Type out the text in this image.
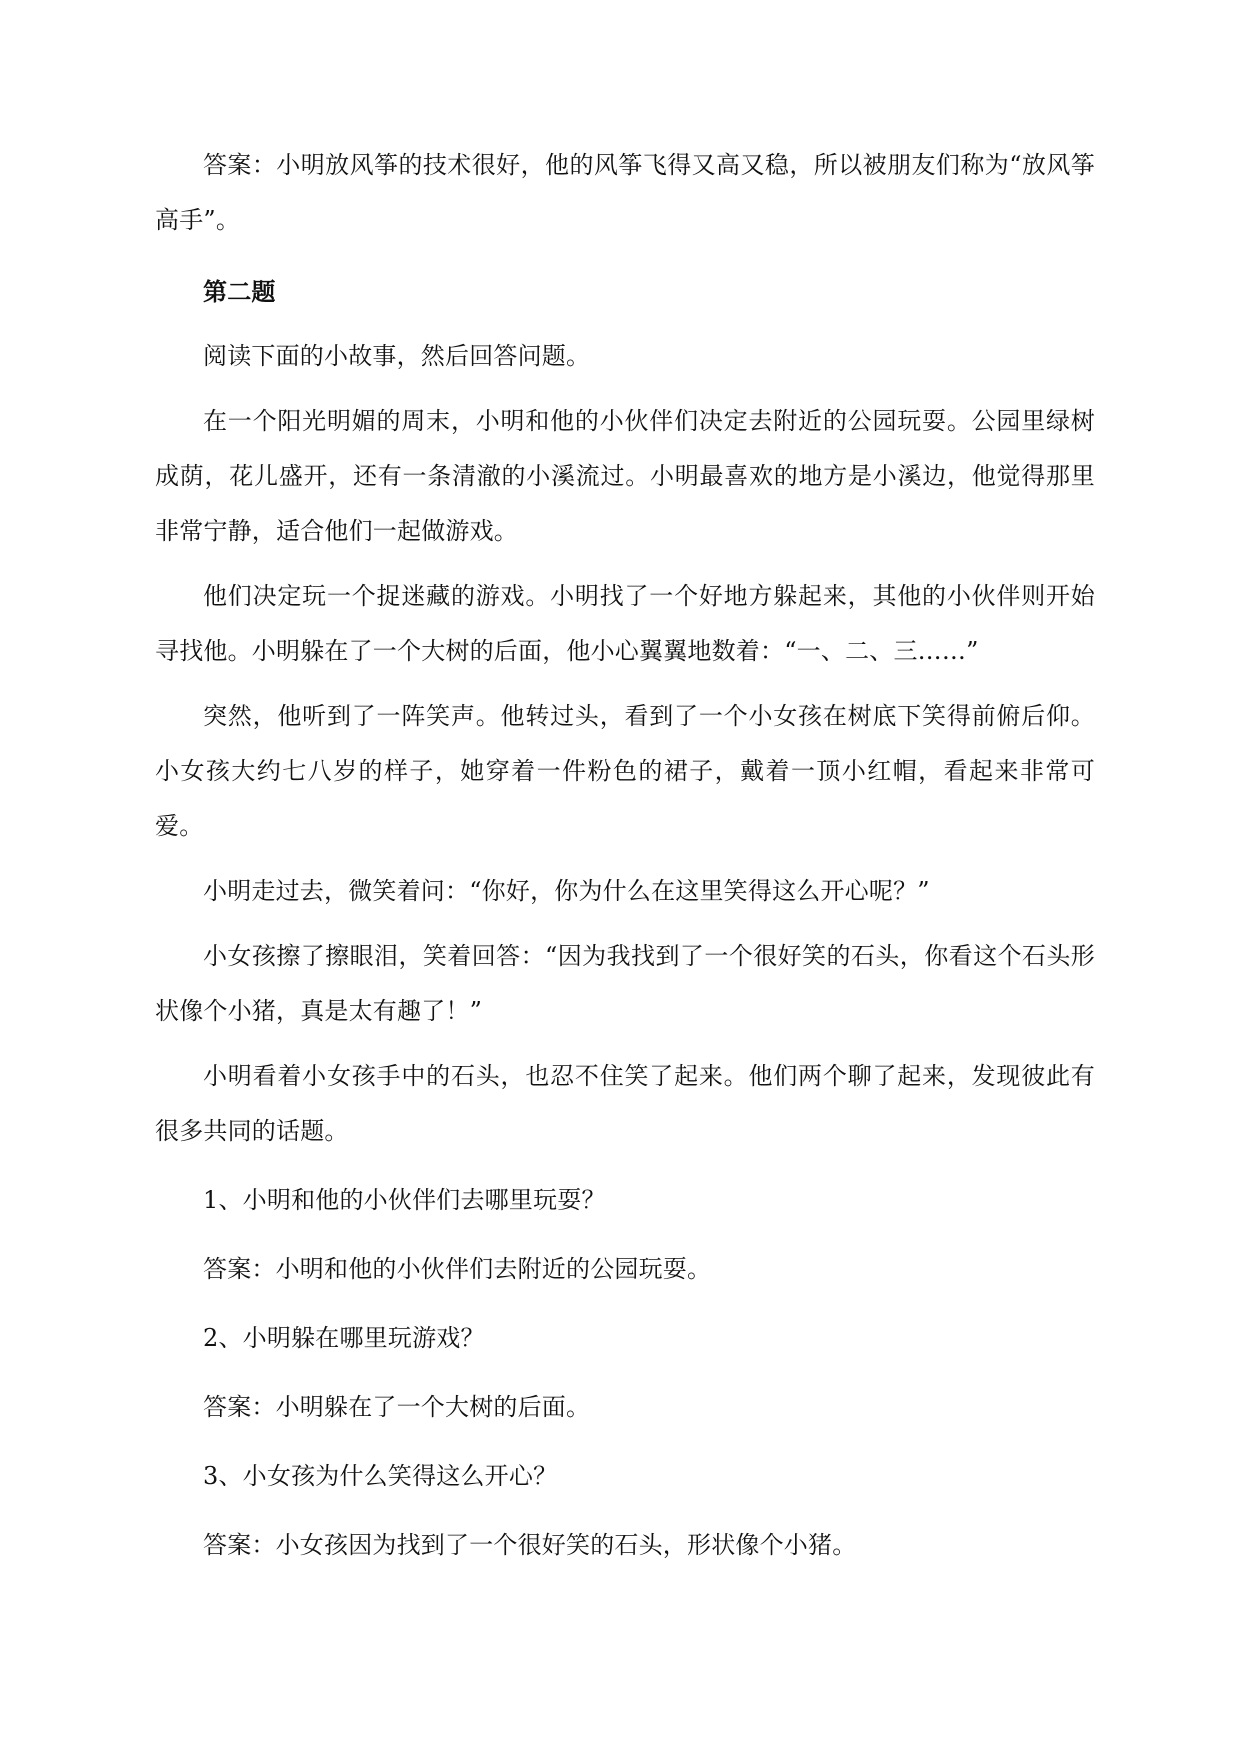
答案：小明放风筝的技术很好，他的风筝飞得又高又稳，所以被朋友们称为“放风筝高手”。

第二题

阅读下面的小故事，然后回答问题。

在一个阳光明媚的周末，小明和他的小伙伴们决定去附近的公园玩耍。公园里绿树成荫，花儿盛开，还有一条清澈的小溪流过。小明最喜欢的地方是小溪边，他觉得那里非常宁静，适合他们一起做游戏。

他们决定玩一个捉迷藏的游戏。小明找了一个好地方躲起来，其他的小伙伴则开始寻找他。小明躲在了一个大树的后面，他小心翼翼地数着：“一、二、三……”

突然，他听到了一阵笑声。他转过头，看到了一个小女孩在树底下笑得前俯后仰。小女孩大约七八岁的样子，她穿着一件粉色的裙子，戴着一顶小红帽，看起来非常可爱。

小明走过去，微笑着问：“你好，你为什么在这里笑得这么开心呢？”

小女孩擦了擦眼泪，笑着回答：“因为我找到了一个很好笑的石头，你看这个石头形状像个小猪，真是太有趣了！”

小明看着小女孩手中的石头，也忍不住笑了起来。他们两个聊了起来，发现彼此有很多共同的话题。

1、小明和他的小伙伴们去哪里玩耍？

答案：小明和他的小伙伴们去附近的公园玩耍。

2、小明躲在哪里玩游戏？

答案：小明躲在了一个大树的后面。

3、小女孩为什么笑得这么开心？

答案：小女孩因为找到了一个很好笑的石头，形状像个小猪。
